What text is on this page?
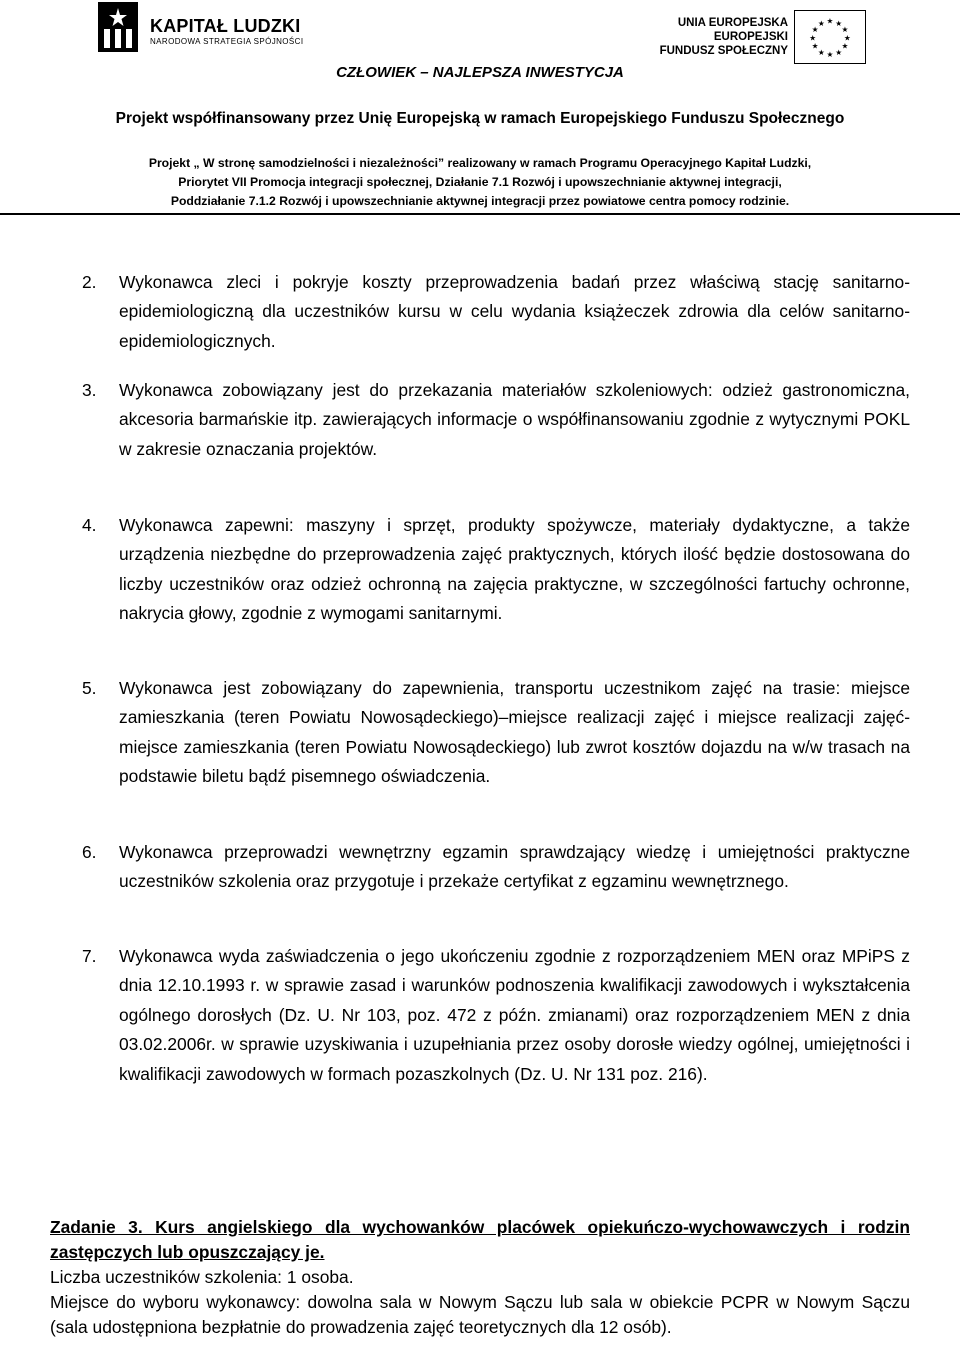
KAPITAŁ LUDZKI
NARODOWA STRATEGIA SPÓJNOŚCI
UNIA EUROPEJSKA
EUROPEJSKI
FUNDUSZ SPOŁECZNY
★ ★
★
★
★
★
★
★
★
★
★
★
CZŁOWIEK – NAJLEPSZA INWESTYCJA
Projekt współfinansowany przez Unię Europejską w ramach Europejskiego Funduszu Społecznego
Projekt „ W stronę samodzielności i niezależności” realizowany w ramach Programu Operacyjnego Kapitał Ludzki,
Priorytet VII Promocja integracji społecznej, Działanie 7.1 Rozwój i upowszechnianie aktywnej integracji,
Poddziałanie 7.1.2 Rozwój i upowszechnianie aktywnej integracji przez powiatowe centra pomocy rodzinie.
2.	Wykonawca zleci i pokryje koszty przeprowadzenia badań przez właściwą stację sanitarno-epidemiologiczną dla uczestników kursu w celu wydania książeczek zdrowia dla celów sanitarno-epidemiologicznych.
3.	Wykonawca zobowiązany jest do przekazania materiałów szkoleniowych: odzież gastronomiczna, akcesoria barmańskie itp. zawierających informacje o współfinansowaniu zgodnie z wytycznymi POKL w zakresie oznaczania projektów.
4.	Wykonawca zapewni: maszyny i sprzęt, produkty spożywcze, materiały dydaktyczne, a także urządzenia niezbędne do przeprowadzenia zajęć praktycznych, których ilość będzie dostosowana do liczby uczestników oraz odzież ochronną na zajęcia praktyczne, w szczególności fartuchy ochronne, nakrycia głowy, zgodnie z wymogami sanitarnymi.
5.	Wykonawca jest zobowiązany do zapewnienia, transportu uczestnikom zajęć na trasie: miejsce zamieszkania (teren Powiatu Nowosądeckiego)–miejsce realizacji zajęć i miejsce realizacji zajęć-miejsce zamieszkania (teren Powiatu Nowosądeckiego) lub zwrot kosztów dojazdu na w/w trasach na podstawie biletu bądź pisemnego oświadczenia.
6.	Wykonawca przeprowadzi wewnętrzny egzamin sprawdzający wiedzę i umiejętności praktyczne uczestników szkolenia oraz przygotuje i przekaże certyfikat z egzaminu wewnętrznego.
7.	Wykonawca wyda zaświadczenia o jego ukończeniu zgodnie z rozporządzeniem MEN oraz MPiPS z dnia 12.10.1993 r. w sprawie zasad i warunków podnoszenia kwalifikacji zawodowych i wykształcenia ogólnego dorosłych (Dz. U. Nr 103, poz. 472 z późn. zmianami) oraz rozporządzeniem MEN z dnia 03.02.2006r. w sprawie uzyskiwania i uzupełniania przez osoby dorosłe wiedzy ogólnej, umiejętności i kwalifikacji zawodowych w formach pozaszkolnych (Dz. U. Nr 131 poz. 216).
Zadanie 3. Kurs angielskiego dla wychowanków placówek opiekuńczo-wychowawczych i rodzin zastępczych lub opuszczający je.
Liczba uczestników szkolenia: 1 osoba.
Miejsce do wyboru wykonawcy: dowolna sala w Nowym Sączu lub sala w obiekcie PCPR w Nowym Sączu (sala udostępniona bezpłatnie do prowadzenia zajęć teoretycznych dla 12 osób).
